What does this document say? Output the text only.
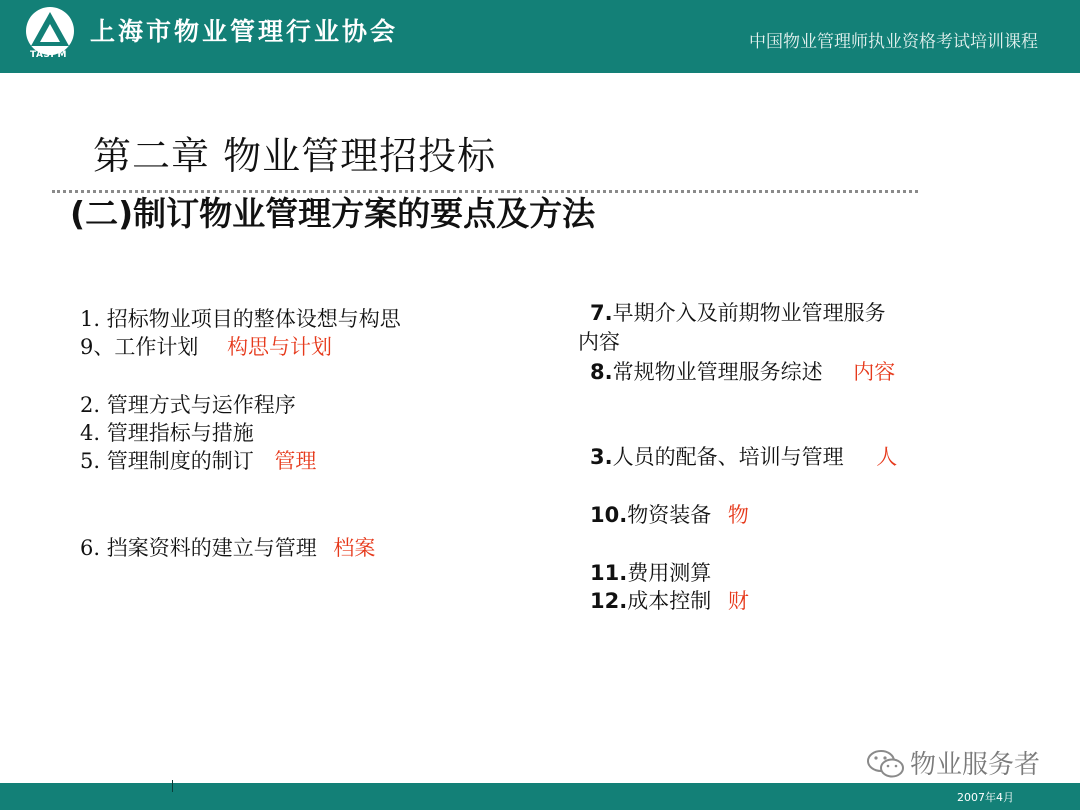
TASPM
上海市物业管理行业协会	中国物业管理师执业资格考试培训课程
第二章 物业管理招投标
(二)制订物业管理方案的要点及方法
1. 招标物业项目的整体设想与构思
9、工作计划 构思与计划
2. 管理方式与运作程序
4. 管理指标与措施
5. 管理制度的制订 管理
6. 挡案资料的建立与管理 档案
7.早期介入及前期物业管理服务
内容
8.常规物业管理服务综述 内容
3.人员的配备、培训与管理 人
10.物资装备 物
11.费用测算
12.成本控制 财
物业服务者
2007年4月
